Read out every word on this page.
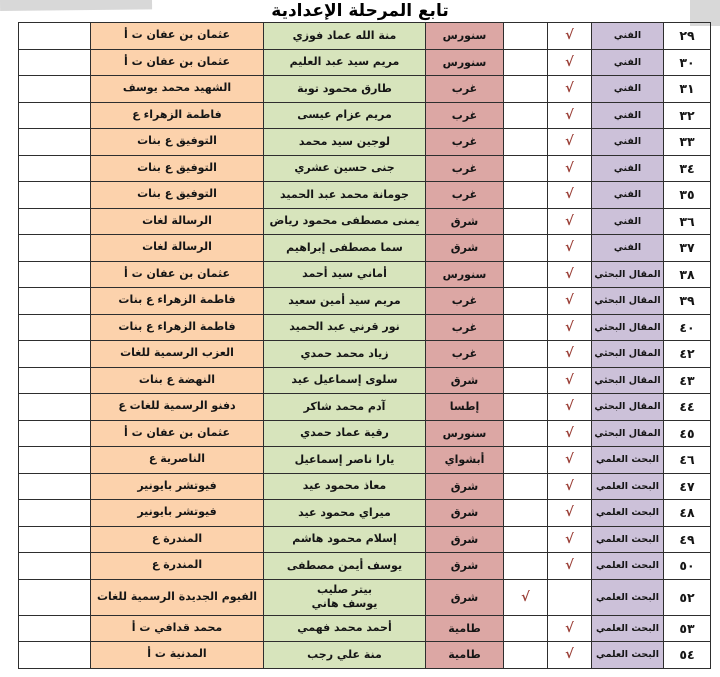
تابع المرحلة الإعدادية
٢٩	الفني	√		سنورس	منة الله عماد فوزي	عثمان بن عفان ت أ	
٣٠	الفني	√		سنورس	مريم سيد عبد العليم	عثمان بن عفان ت أ	
٣١	الفني	√		غرب	طارق محمود توبة	الشهيد محمد يوسف	
٣٢	الفني	√		غرب	مريم عزام عيسى	فاطمة الزهراء ع	
٣٣	الفني	√		غرب	لوجين سيد محمد	التوفيق ع بنات	
٣٤	الفني	√		غرب	جنى حسين عشري	التوفيق ع بنات	
٣٥	الفني	√		غرب	جومانة محمد عبد الحميد	التوفيق ع بنات	
٣٦	الفني	√		شرق	يمنى مصطفى محمود رياض	الرسالة لغات	
٣٧	الفني	√		شرق	سما مصطفى إبراهيم	الرسالة لغات	
٣٨	المقال البحثي	√		سنورس	أماني سيد أحمد	عثمان بن عفان ت أ	
٣٩	المقال البحثي	√		غرب	مريم سيد أمين سعيد	فاطمة الزهراء ع بنات	
٤٠	المقال البحثي	√		غرب	نور قرني عبد الحميد	فاطمة الزهراء ع بنات	
٤٢	المقال البحثي	√		غرب	زياد محمد حمدي	العزب الرسمية للغات	
٤٣	المقال البحثي	√		شرق	سلوى إسماعيل عيد	النهضة ع بنات	
٤٤	المقال البحثي	√		إطسا	آدم محمد شاكر	دفنو الرسمية للغات ع	
٤٥	المقال البحثي	√		سنورس	رقية عماد حمدي	عثمان بن عفان ت أ	
٤٦	البحث العلمي	√		أبشواي	يارا ناصر إسماعيل	الناصرية ع	
٤٧	البحث العلمي	√		شرق	معاذ محمود عيد	فيوتشر بايونير	
٤٨	البحث العلمي	√		شرق	ميراي محمود عيد	فيوتشر بايونير	
٤٩	البحث العلمي	√		شرق	إسلام محمود هاشم	المندرة ع	
٥٠	البحث العلمي	√		شرق	يوسف أيمن مصطفى	المندرة ع	
٥٢	البحث العلمي		√	شرق	بيتر صليب
يوسف هاني	الفيوم الجديدة الرسمية للغات	
٥٣	البحث العلمي	√		طامية	أحمد محمد فهمي	محمد قدافي ت أ	
٥٤	البحث العلمي	√		طامية	منة علي رجب	المدنية ت أ	
